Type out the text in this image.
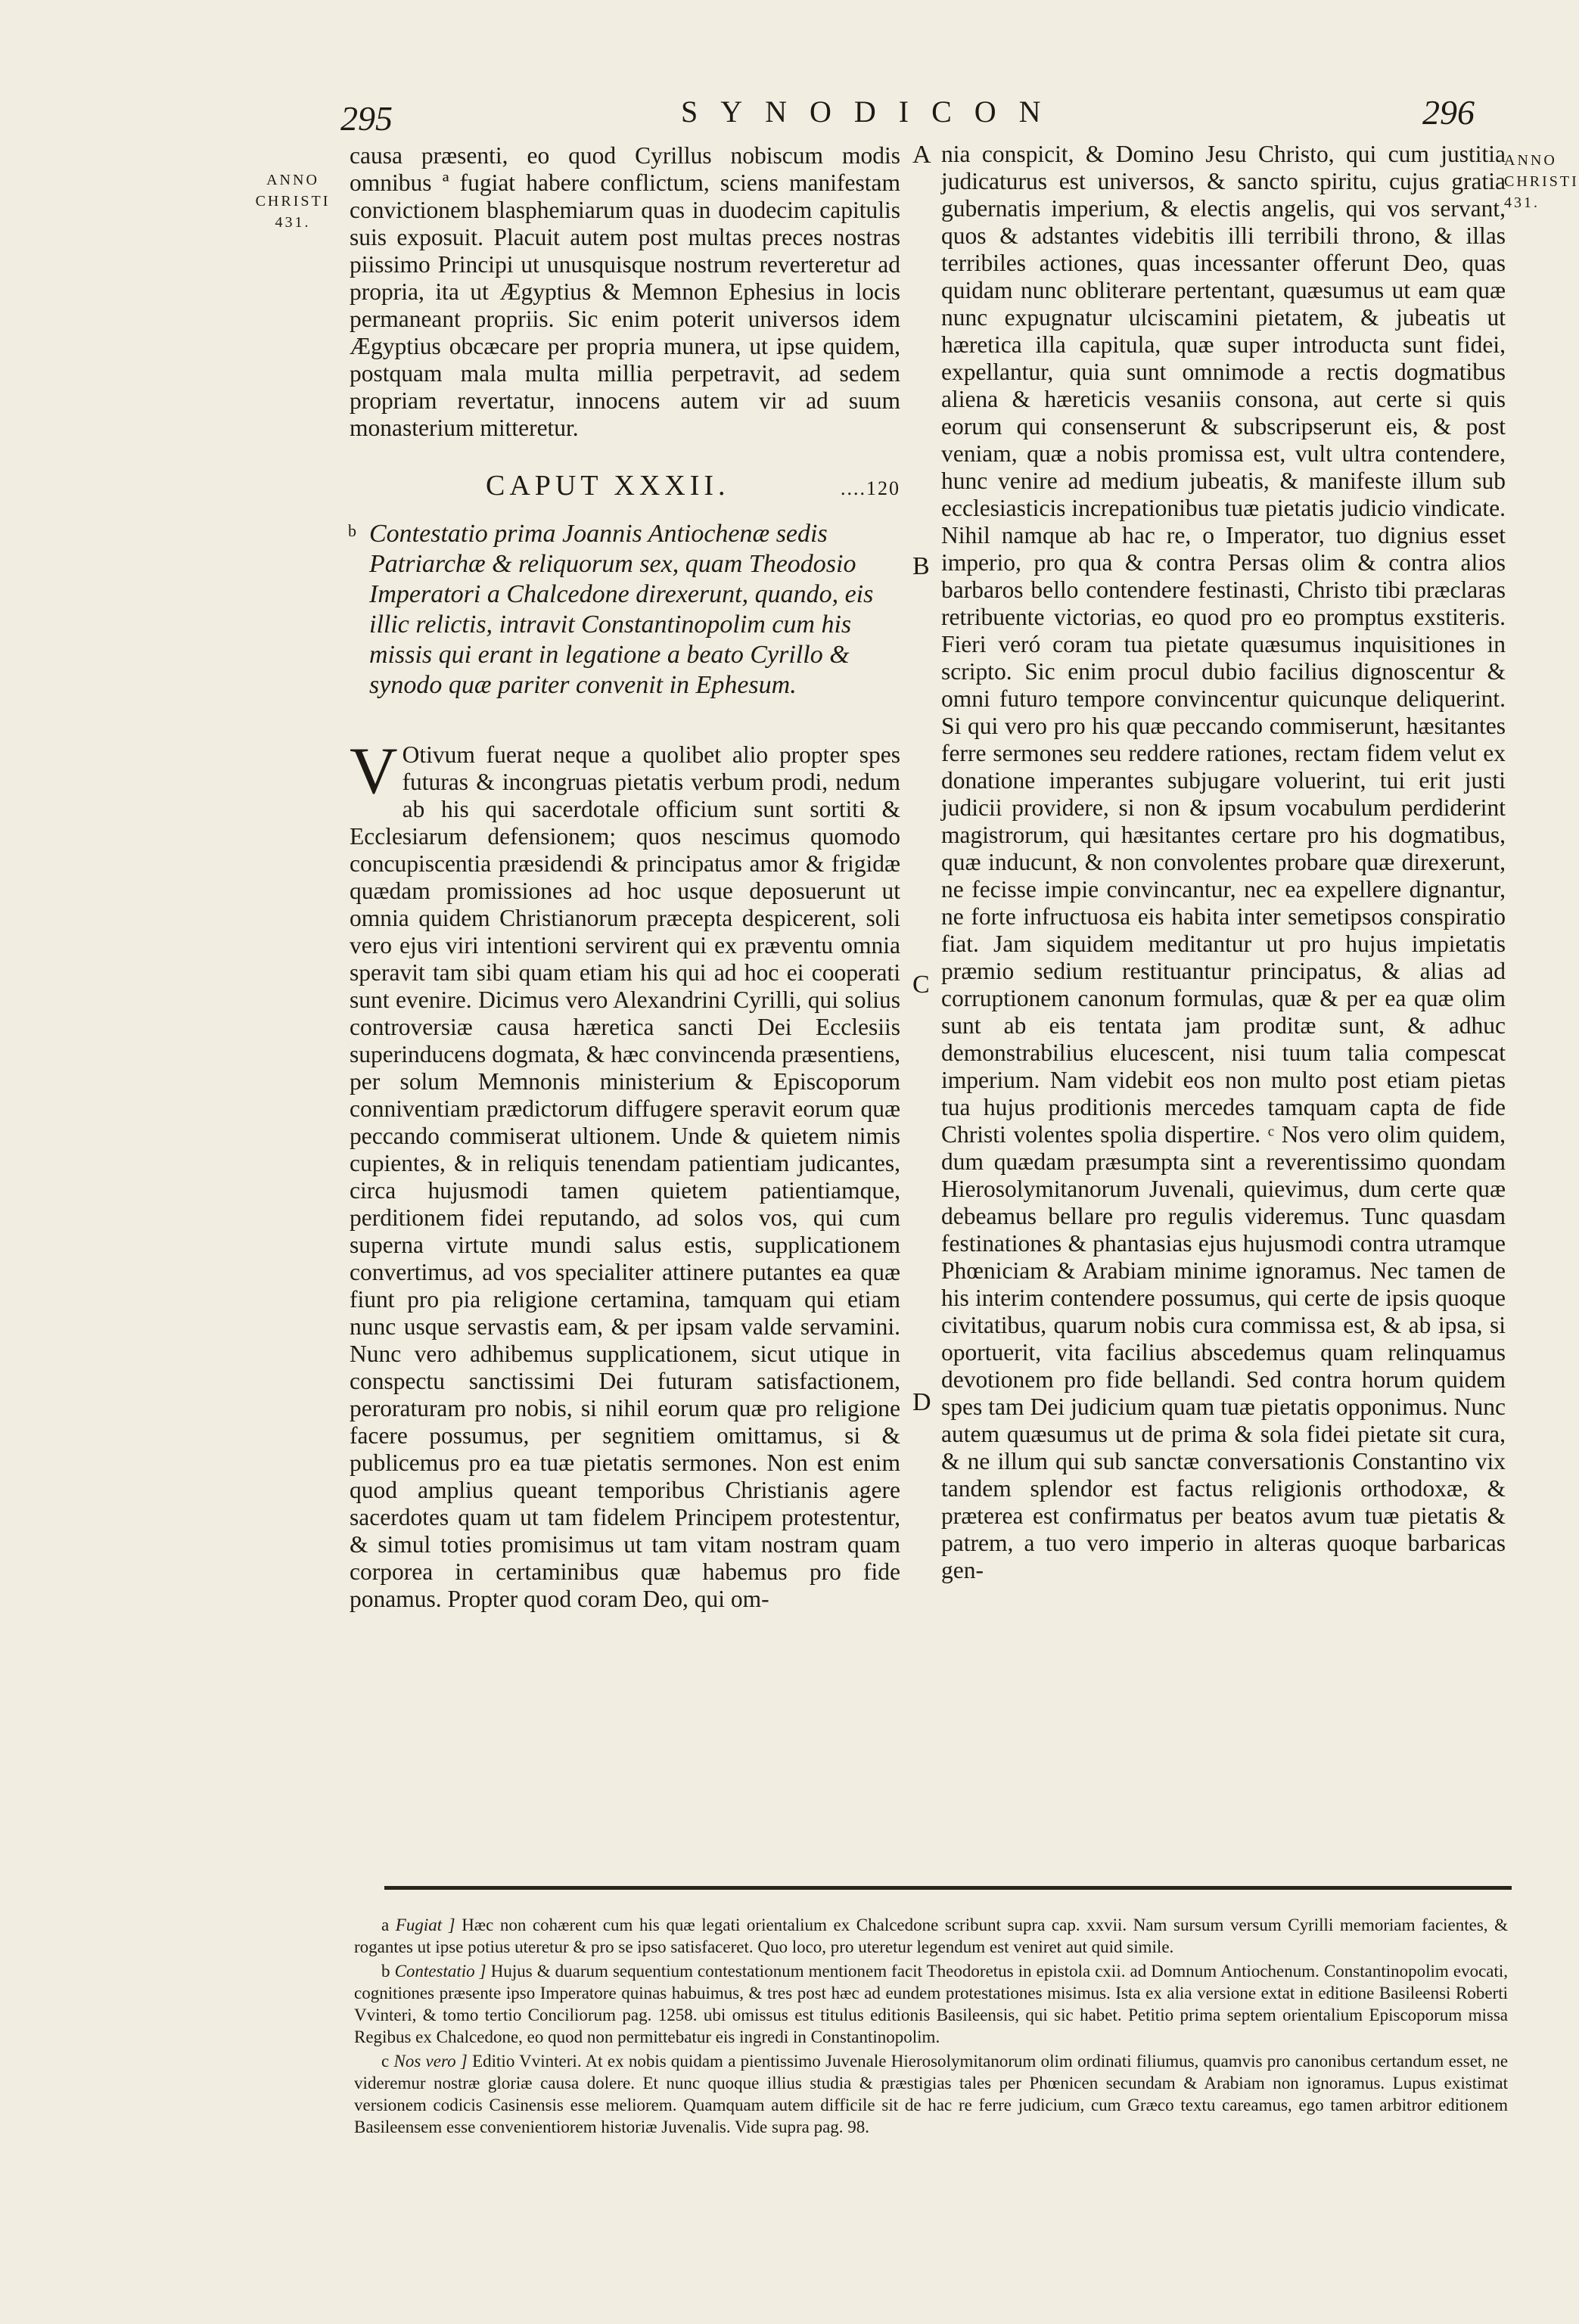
295	SYNODICON	296
ANNO
CHRISTI
431.
ANNO
CHRISTI
431.
A
B
C
D

causa præsenti, eo quod Cyrillus nobiscum modis omnibus ª fugiat habere conflictum, sciens manifestam convictionem blasphemiarum quas in duodecim capitulis suis exposuit. Placuit autem post multas preces nostras piissimo Principi ut unusquisque nostrum reverteretur ad propria, ita ut Ægyptius & Memnon Ephesius in locis permaneant propriis. Sic enim poterit universos idem Ægyptius obcæcare per propria munera, ut ipse quidem, postquam mala multa millia perpetravit, ad sedem propriam revertatur, innocens autem vir ad suum monasterium mitteretur.

CAPUT XXXII.	....120
b Contestatio prima Joannis Antiochenæ sedis Patriarchæ & reliquorum sex, quam Theodosio Imperatori a Chalcedone direxerunt, quando, eis illic relictis, intravit Constantinopolim cum his missis qui erant in legatione a beato Cyrillo & synodo quæ pariter convenit in Ephesum.

V Otivum fuerat neque a quolibet alio propter spes futuras & incongruas pietatis verbum prodi, nedum ab his qui sacerdotale officium sunt sortiti & Ecclesiarum defensionem; quos nescimus quomodo concupiscentia præsidendi & principatus amor & frigidæ quædam promissiones ad hoc usque deposuerunt ut omnia quidem Christianorum præcepta despicerent, soli vero ejus viri intentioni servirent qui ex præventu omnia speravit tam sibi quam etiam his qui ad hoc ei cooperati sunt evenire. Dicimus vero Alexandrini Cyrilli, qui solius controversiæ causa hæretica sancti Dei Ecclesiis superinducens dogmata, & hæc convincenda præsentiens, per solum Memnonis ministerium & Episcoporum conniventiam prædictorum diffugere speravit eorum quæ peccando commiserat ultionem. Unde & quietem nimis cupientes, & in reliquis tenendam patientiam judicantes, circa hujusmodi tamen quietem patientiamque, perditionem fidei reputando, ad solos vos, qui cum superna virtute mundi salus estis, supplicationem convertimus, ad vos specialiter attinere putantes ea quæ fiunt pro pia religione certamina, tamquam qui etiam nunc usque servastis eam, & per ipsam valde servamini. Nunc vero adhibemus supplicationem, sicut utique in conspectu sanctissimi Dei futuram satisfactionem, peroraturam pro nobis, si nihil eorum quæ pro religione facere possumus, per segnitiem omittamus, si & publicemus pro ea tuæ pietatis sermones. Non est enim quod amplius queant temporibus Christianis agere sacerdotes quam ut tam fidelem Principem protestentur, & simul toties promisimus ut tam vitam nostram quam corporea in certaminibus quæ habemus pro fide ponamus. Propter quod coram Deo, qui om-

nia conspicit, & Domino Jesu Christo, qui cum justitia judicaturus est universos, & sancto spiritu, cujus gratia gubernatis imperium, & electis angelis, qui vos servant, quos & adstantes videbitis illi terribili throno, & illas terribiles actiones, quas incessanter offerunt Deo, quas quidam nunc obliterare pertentant, quæsumus ut eam quæ nunc expugnatur ulciscamini pietatem, & jubeatis ut hæretica illa capitula, quæ super introducta sunt fidei, expellantur, quia sunt omnimode a rectis dogmatibus aliena & hæreticis vesaniis consona, aut certe si quis eorum qui consenserunt & subscripserunt eis, & post veniam, quæ a nobis promissa est, vult ultra contendere, hunc venire ad medium jubeatis, & manifeste illum sub ecclesiasticis increpationibus tuæ pietatis judicio vindicate. Nihil namque ab hac re, o Imperator, tuo dignius esset imperio, pro qua & contra Persas olim & contra alios barbaros bello contendere festinasti, Christo tibi præclaras retribuente victorias, eo quod pro eo promptus exstiteris. Fieri veró coram tua pietate quæsumus inquisitiones in scripto. Sic enim procul dubio facilius dignoscentur & omni futuro tempore convincentur quicunque deliquerint. Si qui vero pro his quæ peccando commiserunt, hæsitantes ferre sermones seu reddere rationes, rectam fidem velut ex donatione imperantes subjugare voluerint, tui erit justi judicii providere, si non & ipsum vocabulum perdiderint magistrorum, qui hæsitantes certare pro his dogmatibus, quæ inducunt, & non convolentes probare quæ direxerunt, ne fecisse impie convincantur, nec ea expellere dignantur, ne forte infructuosa eis habita inter semetipsos conspiratio fiat. Jam siquidem meditantur ut pro hujus impietatis præmio sedium restituantur principatus, & alias ad corruptionem canonum formulas, quæ & per ea quæ olim sunt ab eis tentata jam proditæ sunt, & adhuc demonstrabilius elucescent, nisi tuum talia compescat imperium. Nam videbit eos non multo post etiam pietas tua hujus proditionis mercedes tamquam capta de fide Christi volentes spolia dispertire. ᶜ Nos vero olim quidem, dum quædam præsumpta sint a reverentissimo quondam Hierosolymitanorum Juvenali, quievimus, dum certe quæ debeamus bellare pro regulis videremus. Tunc quasdam festinationes & phantasias ejus hujusmodi contra utramque Phœniciam & Arabiam minime ignoramus. Nec tamen de his interim contendere possumus, qui certe de ipsis quoque civitatibus, quarum nobis cura commissa est, & ab ipsa, si oportuerit, vita facilius abscedemus quam relinquamus devotionem pro fide bellandi. Sed contra horum quidem spes tam Dei judicium quam tuæ pietatis opponimus. Nunc autem quæsumus ut de prima & sola fidei pietate sit cura, & ne illum qui sub sanctæ conversationis Constantino vix tandem splendor est factus religionis orthodoxæ, & præterea est confirmatus per beatos avum tuæ pietatis & patrem, a tuo vero imperio in alteras quoque barbaricas gen-

a Fugiat ] Hæc non cohærent cum his quæ legati orientalium ex Chalcedone scribunt supra cap. xxvii. Nam sursum versum Cyrilli memoriam facientes, & rogantes ut ipse potius uteretur & pro se ipso satisfaceret. Quo loco, pro uteretur legendum est veniret aut quid simile.

b Contestatio ] Hujus & duarum sequentium contestationum mentionem facit Theodoretus in epistola cxii. ad Domnum Antiochenum. Constantinopolim evocati, cognitiones præsente ipso Imperatore quinas habuimus, & tres post hæc ad eundem protestationes misimus. Ista ex alia versione extat in editione Basileensi Roberti Vvinteri, & tomo tertio Conciliorum pag. 1258. ubi omissus est titulus editionis Basileensis, qui sic habet. Petitio prima septem orientalium Episcoporum missa Regibus ex Chalcedone, eo quod non permittebatur eis ingredi in Constantinopolim.

c Nos vero ] Editio Vvinteri. At ex nobis quidam a pientissimo Juvenale Hierosolymitanorum olim ordinati filiumus, quamvis pro canonibus certandum esset, ne videremur nostræ gloriæ causa dolere. Et nunc quoque illius studia & præstigias tales per Phœnicen secundam & Arabiam non ignoramus. Lupus existimat versionem codicis Casinensis esse meliorem. Quamquam autem difficile sit de hac re ferre judicium, cum Græco textu careamus, ego tamen arbitror editionem Basileensem esse convenientiorem historiæ Juvenalis. Vide supra pag. 98.
